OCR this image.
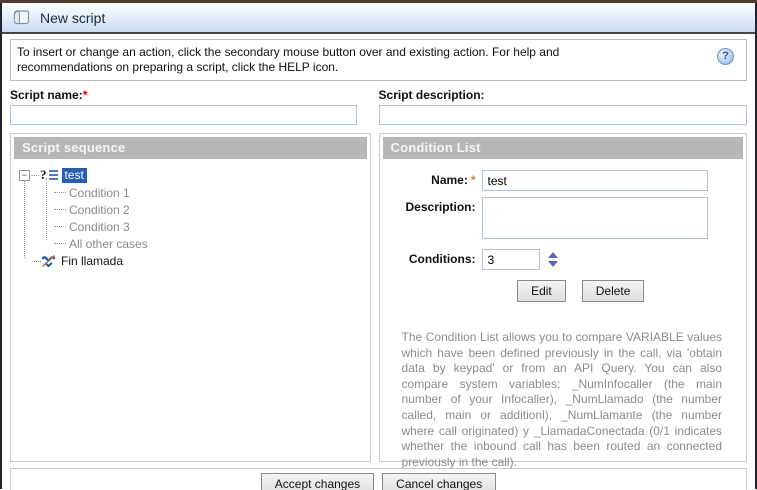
New script
To insert or change an action, click the secondary mouse button over and existing action. For help and recommendations on preparing a script, click the HELP icon.
?
Script name:*	Script description:
Script sequence
− ? test
Condition 1
Condition 2
Condition 3
All other cases
Fin llamada
Condition List
Name: *
test
Description:
Conditions:
3
Edit	Delete
The Condition List allows you to compare VARIABLE values which have been defined previously in the call, via 'obtain data by keypad' or from an API Query. You can also compare system variables: _NumInfocaller (the main number of your Infocaller), _NumLlamado (the number called, main or additionl), _NumLlamante (the number where call originated) y _LlamadaConectada (0/1 indicates whether the inbound call has been routed an connected previously in the call).
Accept changes	Cancel changes
